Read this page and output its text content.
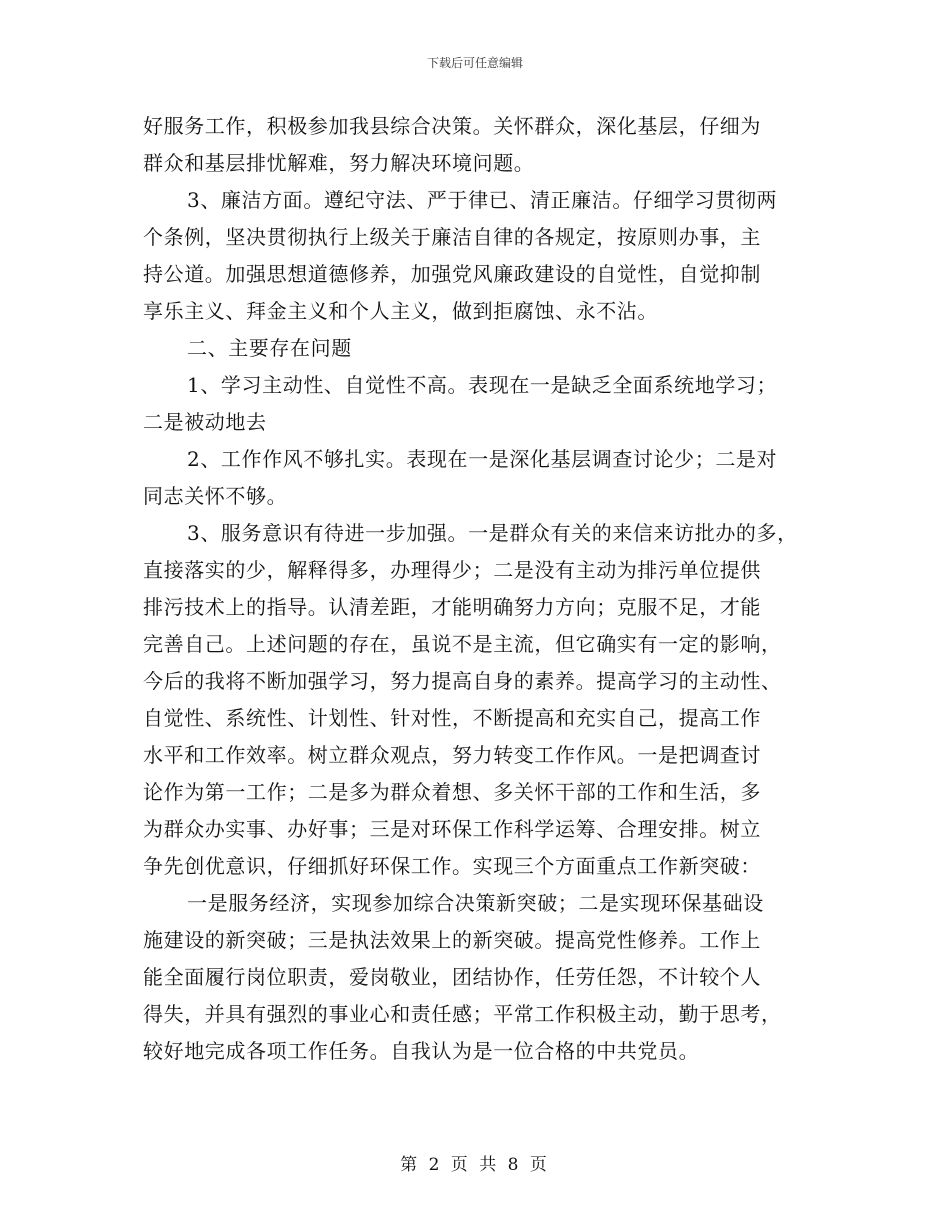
下载后可任意编辑
好服务工作，积极参加我县综合决策。关怀群众，深化基层，仔细为
群众和基层排忧解难，努力解决环境问题。
3、廉洁方面。遵纪守法、严于律已、清正廉洁。仔细学习贯彻两
个条例，坚决贯彻执行上级关于廉洁自律的各规定，按原则办事，主
持公道。加强思想道德修养，加强党风廉政建设的自觉性，自觉抑制
享乐主义、拜金主义和个人主义，做到拒腐蚀、永不沾。
二、主要存在问题
1、学习主动性、自觉性不高。表现在一是缺乏全面系统地学习；
二是被动地去
2、工作作风不够扎实。表现在一是深化基层调查讨论少；二是对
同志关怀不够。
3、服务意识有待进一步加强。一是群众有关的来信来访批办的多，
直接落实的少，解释得多，办理得少；二是没有主动为排污单位提供
排污技术上的指导。认清差距，才能明确努力方向；克服不足，才能
完善自己。上述问题的存在，虽说不是主流，但它确实有一定的影响，
今后的我将不断加强学习，努力提高自身的素养。提高学习的主动性、
自觉性、系统性、计划性、针对性，不断提高和充实自己，提高工作
水平和工作效率。树立群众观点，努力转变工作作风。一是把调查讨
论作为第一工作；二是多为群众着想、多关怀干部的工作和生活，多
为群众办实事、办好事；三是对环保工作科学运筹、合理安排。树立
争先创优意识，仔细抓好环保工作。实现三个方面重点工作新突破：
一是服务经济，实现参加综合决策新突破；二是实现环保基础设
施建设的新突破；三是执法效果上的新突破。提高党性修养。工作上
能全面履行岗位职责，爱岗敬业，团结协作，任劳任怨，不计较个人
得失，并具有强烈的事业心和责任感；平常工作积极主动，勤于思考，
较好地完成各项工作任务。自我认为是一位合格的中共党员。
第 2 页 共 8 页
